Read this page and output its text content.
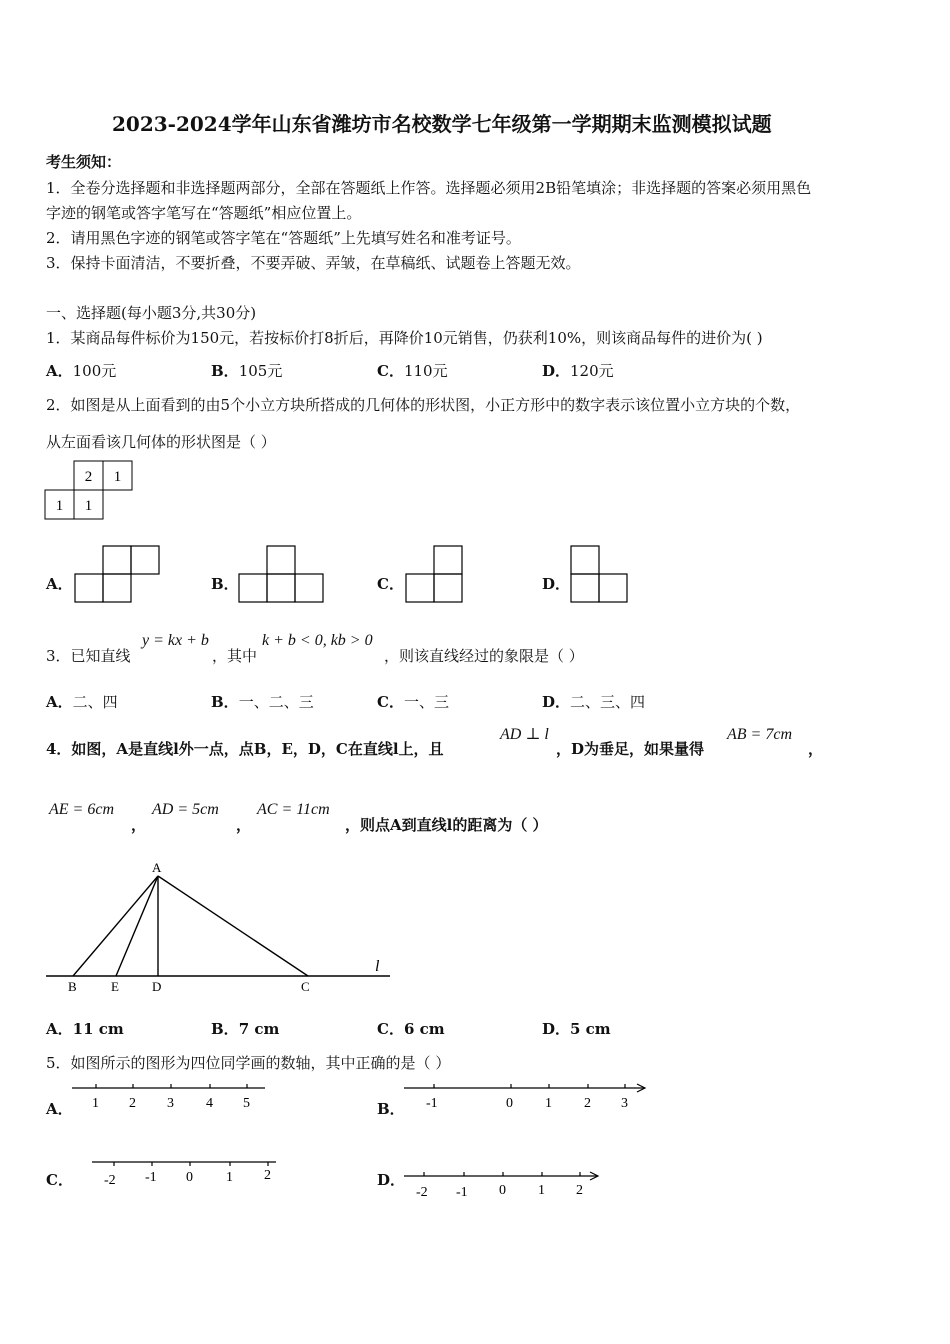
2023-2024学年山东省潍坊市名校数学七年级第一学期期末监测模拟试题
考生须知：
1．全卷分选择题和非选择题两部分，全部在答题纸上作答。选择题必须用2B铅笔填涂；非选择题的答案必须用黑色
字迹的钢笔或答字笔写在“答题纸”相应位置上。
2．请用黑色字迹的钢笔或答字笔在“答题纸”上先填写姓名和准考证号。
3．保持卡面清洁，不要折叠，不要弄破、弄皱，在草稿纸、试题卷上答题无效。
一、选择题(每小题3分,共30分)
1．某商品每件标价为150元，若按标价打8折后，再降价10元销售，仍获利10%，则该商品每件的进价为( )
A．100元	B．105元	C．110元	D．120元
2．如图是从上面看到的由5个小立方块所搭成的几何体的形状图，小正方形中的数字表示该位置小立方块的个数，
从左面看该几何体的形状图是（ ）
2 1
1 1
A．	B．	C．	D．
3．已知直线
y = kx + b
，其中
k + b < 0, kb > 0
，则该直线经过的象限是（ ）
A．二、四	B．一、二、三	C．一、三	D．二、三、四
4．如图，A是直线l外一点，点B，E，D，C在直线l上，且
AD ⊥ l
，D为垂足，如果量得
AB = 7cm
，
AE = 6cm
，
AD = 5cm
，
AC = 11cm
，则点A到直线l的距离为（ ）
A
B	E	D	C
l
A．11 cm	B．7 cm	C．6 cm	D．5 cm
5．如图所示的图形为四位同学画的数轴，其中正确的是（ ）
A． 1 2 3 4 5	B． -1	0 1 2 3
C． -2 -1 0 1 2	D．
-2 -1 0 1 2
